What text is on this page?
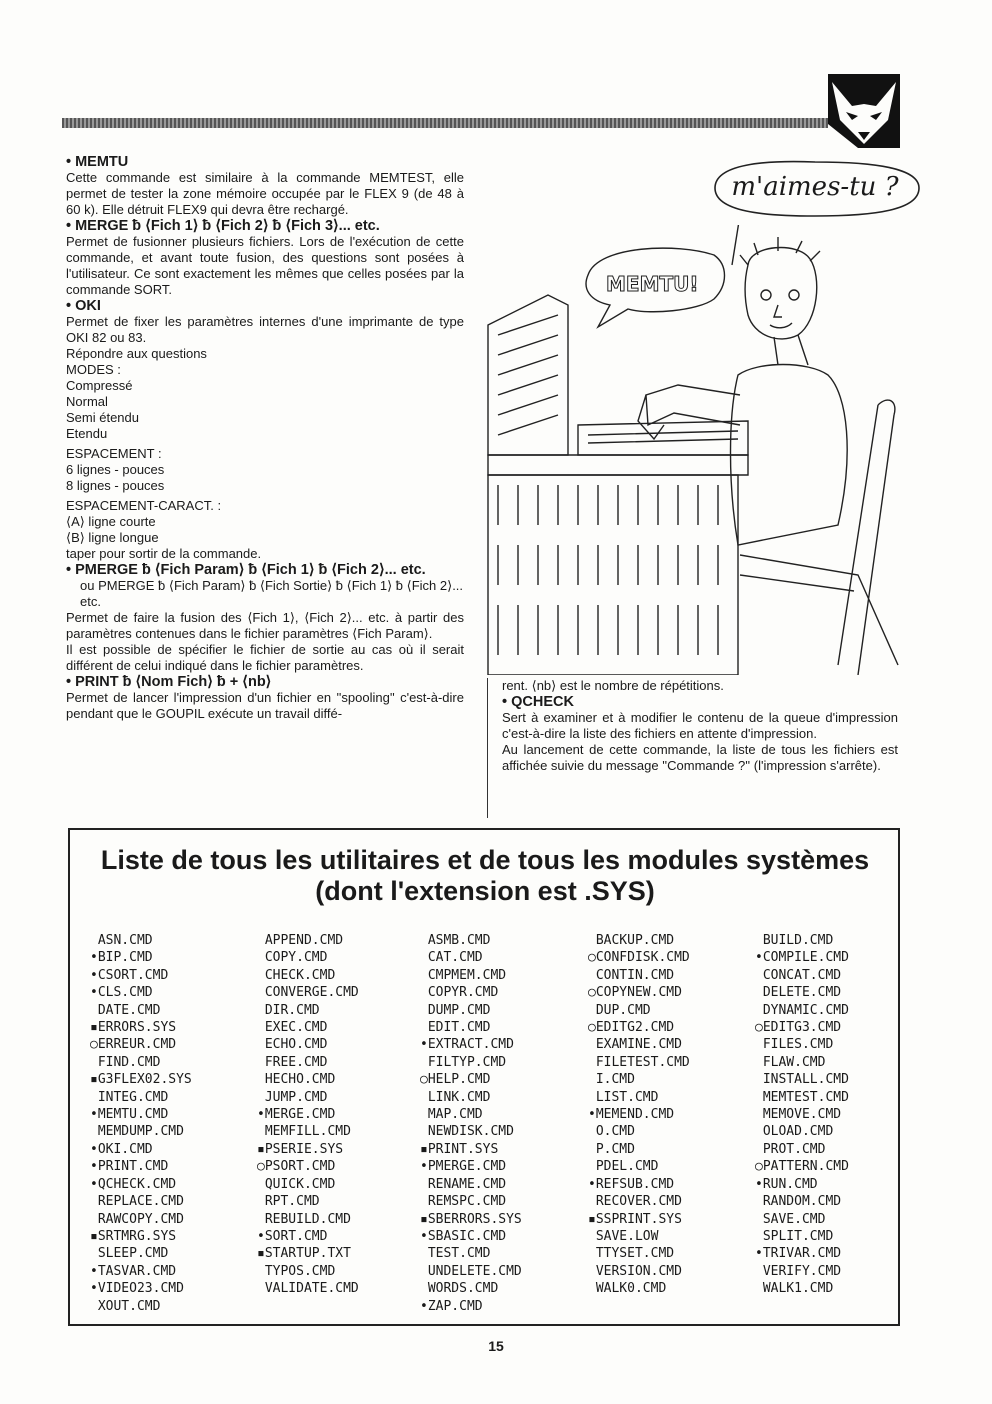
• MEMTU

Cette commande est similaire à la commande MEMTEST, elle permet de tester la zone mémoire occupée par le FLEX 9 (de 48 à 60 k). Elle détruit FLEX9 qui devra être rechargé.

• MERGE ƀ ⟨Fich 1⟩ ƀ ⟨Fich 2⟩ ƀ ⟨Fich 3⟩... etc.

Permet de fusionner plusieurs fichiers. Lors de l'exécution de cette commande, et avant toute fusion, des questions sont posées à l'utilisateur. Ce sont exactement les mêmes que celles posées par la commande SORT.

• OKI

Permet de fixer les paramètres internes d'une imprimante de type OKI 82 ou 83.

Répondre aux questions

MODES :

Compressé

Normal

Semi étendu

Etendu

ESPACEMENT :

6 lignes - pouces

8 lignes - pouces

ESPACEMENT-CARACT. :

⟨A⟩ ligne courte

⟨B⟩ ligne longue

taper pour sortir de la commande.

• PMERGE ƀ ⟨Fich Param⟩ ƀ ⟨Fich 1⟩ ƀ ⟨Fich 2⟩... etc.

ou PMERGE ƀ ⟨Fich Param⟩ ƀ ⟨Fich Sortie⟩ ƀ ⟨Fich 1⟩ ƀ ⟨Fich 2⟩... etc.

Permet de faire la fusion des ⟨Fich 1⟩, ⟨Fich 2⟩... etc. à partir des paramètres contenues dans le fichier paramètres ⟨Fich Param⟩.

Il est possible de spécifier le fichier de sortie au cas où il serait différent de celui indiqué dans le fichier paramètres.

• PRINT ƀ ⟨Nom Fich⟩ ƀ + ⟨nb⟩

Permet de lancer l'impression d'un fichier en ''spooling'' c'est-à-dire pendant que le GOUPIL exécute un travail diffé-

rent. ⟨nb⟩ est le nombre de répétitions.

• QCHECK

Sert à examiner et à modifier le contenu de la queue d'impression c'est-à-dire la liste des fichiers en attente d'impression.

Au lancement de cette commande, la liste de tous les fichiers est affichée suivie du message ''Commande ?'' (l'impression s'arrête).

m'aimes-tu ?
MEMTU!
Liste de tous les utilitaires et de tous les modules systèmes (dont l'extension est .SYS)
ASN.CMD
•BIP.CMD
•CSORT.CMD
•CLS.CMD
DATE.CMD
▪ERRORS.SYS
○ERREUR.CMD
FIND.CMD
▪G3FLEX02.SYS
INTEG.CMD
•MEMTU.CMD
MEMDUMP.CMD
•OKI.CMD
•PRINT.CMD
•QCHECK.CMD
REPLACE.CMD
RAWCOPY.CMD
▪SRTMRG.SYS
SLEEP.CMD
•TASVAR.CMD
•VIDEO23.CMD
XOUT.CMD
APPEND.CMD
COPY.CMD
CHECK.CMD
CONVERGE.CMD
DIR.CMD
EXEC.CMD
ECHO.CMD
FREE.CMD
HECHO.CMD
JUMP.CMD
•MERGE.CMD
MEMFILL.CMD
▪PSERIE.SYS
○PSORT.CMD
QUICK.CMD
RPT.CMD
REBUILD.CMD
•SORT.CMD
▪STARTUP.TXT
TYPOS.CMD
VALIDATE.CMD
ASMB.CMD
CAT.CMD
CMPMEM.CMD
COPYR.CMD
DUMP.CMD
EDIT.CMD
•EXTRACT.CMD
FILTYP.CMD
○HELP.CMD
LINK.CMD
MAP.CMD
NEWDISK.CMD
▪PRINT.SYS
•PMERGE.CMD
RENAME.CMD
REMSPC.CMD
▪SBERRORS.SYS
•SBASIC.CMD
TEST.CMD
UNDELETE.CMD
WORDS.CMD
•ZAP.CMD
BACKUP.CMD
○CONFDISK.CMD
CONTIN.CMD
○COPYNEW.CMD
DUP.CMD
○EDITG2.CMD
EXAMINE.CMD
FILETEST.CMD
I.CMD
LIST.CMD
•MEMEND.CMD
O.CMD
P.CMD
PDEL.CMD
•REFSUB.CMD
RECOVER.CMD
▪SSPRINT.SYS
SAVE.LOW
TTYSET.CMD
VERSION.CMD
WALK0.CMD
BUILD.CMD
•COMPILE.CMD
CONCAT.CMD
DELETE.CMD
DYNAMIC.CMD
○EDITG3.CMD
FILES.CMD
FLAW.CMD
INSTALL.CMD
MEMTEST.CMD
MEMOVE.CMD
OLOAD.CMD
PROT.CMD
○PATTERN.CMD
•RUN.CMD
RANDOM.CMD
SAVE.CMD
SPLIT.CMD
•TRIVAR.CMD
VERIFY.CMD
WALK1.CMD
15
